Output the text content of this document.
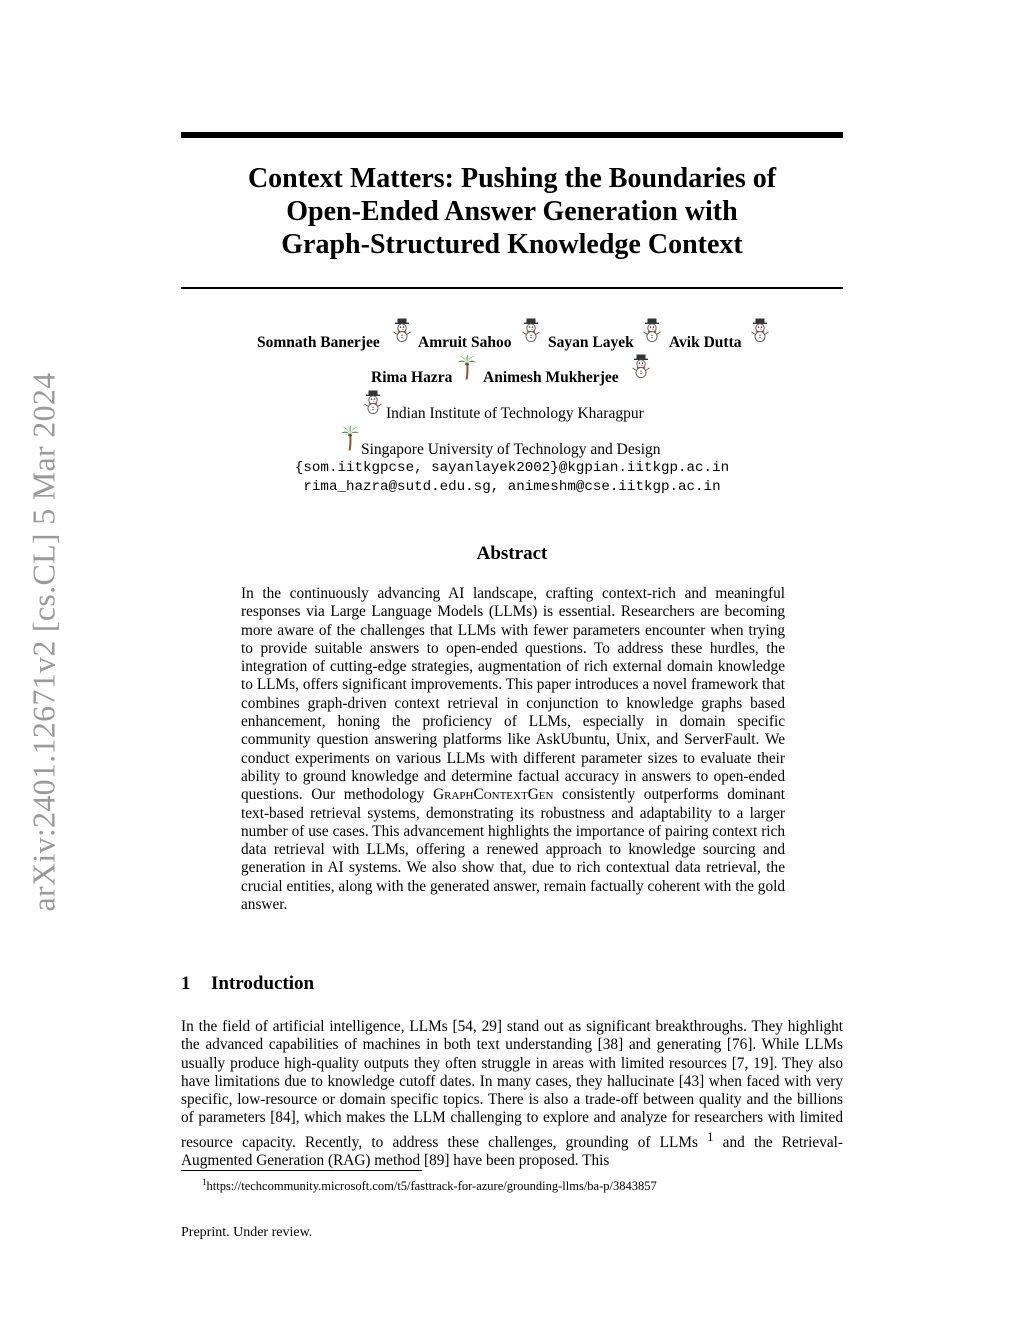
arXiv:2401.12671v2 [cs.CL] 5 Mar 2024
Context Matters: Pushing the Boundaries of
Open-Ended Answer Generation with
Graph-Structured Knowledge Context
Somnath Banerjee Amruit Sahoo Sayan Layek Avik Dutta
Rima Hazra Animesh Mukherjee
Indian Institute of Technology Kharagpur
Singapore University of Technology and Design
{som.iitkgpcse, sayanlayek2002}@kgpian.iitkgp.ac.in
rima_hazra@sutd.edu.sg, animeshm@cse.iitkgp.ac.in
Abstract
In the continuously advancing AI landscape, crafting context-rich and meaningful responses via Large Language Models (LLMs) is essential. Researchers are becoming more aware of the challenges that LLMs with fewer parameters encounter when trying to provide suitable answers to open-ended questions. To address these hurdles, the integration of cutting-edge strategies, augmentation of rich external domain knowledge to LLMs, offers significant improvements. This paper introduces a novel framework that combines graph-driven context retrieval in conjunction to knowledge graphs based enhancement, honing the proficiency of LLMs, especially in domain specific community question answering platforms like AskUbuntu, Unix, and ServerFault. We conduct experiments on various LLMs with different parameter sizes to evaluate their ability to ground knowledge and determine factual accuracy in answers to open-ended questions. Our methodology GraphContextGen consistently outperforms dominant text-based retrieval systems, demonstrating its robustness and adaptability to a larger number of use cases. This advancement highlights the importance of pairing context rich data retrieval with LLMs, offering a renewed approach to knowledge sourcing and generation in AI systems. We also show that, due to rich contextual data retrieval, the crucial entities, along with the generated answer, remain factually coherent with the gold answer.
1 Introduction
In the field of artificial intelligence, LLMs [54, 29] stand out as significant breakthroughs. They highlight the advanced capabilities of machines in both text understanding [38] and generating [76]. While LLMs usually produce high-quality outputs they often struggle in areas with limited resources [7, 19]. They also have limitations due to knowledge cutoff dates. In many cases, they hallucinate [43] when faced with very specific, low-resource or domain specific topics. There is also a trade-off between quality and the billions of parameters [84], which makes the LLM challenging to explore and analyze for researchers with limited resource capacity. Recently, to address these challenges, grounding of LLMs $^1$ and the Retrieval-Augmented Generation (RAG) method [89] have been proposed. This
$^1$https://techcommunity.microsoft.com/t5/fasttrack-for-azure/grounding-llms/ba-p/3843857
Preprint. Under review.
